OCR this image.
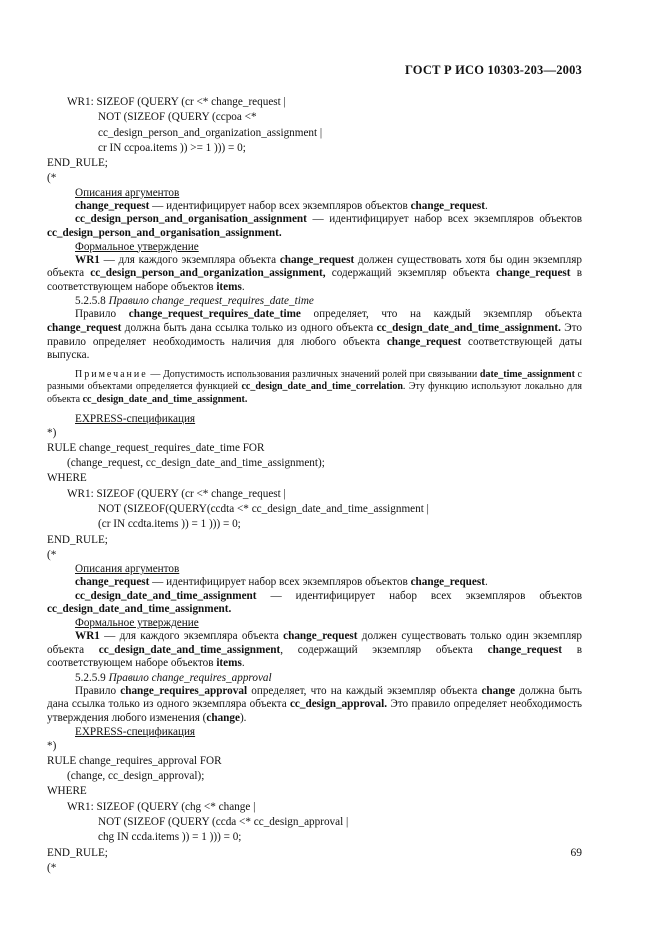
ГОСТ Р ИСО 10303-203—2003
WR1: SIZEOF (QUERY (cr <* change_request |
NOT (SIZEOF (QUERY (ccpoa <*
cc_design_person_and_organization_assignment |
cr IN ccpoa.items )) >= 1 ))) = 0;
END_RULE;
(*
Описания аргументов
change_request — идентифицирует набор всех экземпляров объектов change_request.
cc_design_person_and_organisation_assignment — идентифицирует набор всех экземпляров объектов cc_design_person_and_organisation_assignment.
Формальное утверждение
WR1 — для каждого экземпляра объекта change_request должен существовать хотя бы один экземпляр объекта cc_design_person_and_organization_assignment, содержащий экземпляр объекта change_request в соответствующем наборе объектов items.
5.2.5.8 Правило change_request_requires_date_time
Правило change_request_requires_date_time определяет, что на каждый экземпляр объекта change_request должна быть дана ссылка только из одного объекта cc_design_date_and_time_assignment. Это правило определяет необходимость наличия для любого объекта change_request соответствующей даты выпуска.
Примечание — Допустимость использования различных значений ролей при связывании date_time_assignment с разными объектами определяется функцией cc_design_date_and_time_correlation. Эту функцию используют локально для объекта cc_design_date_and_time_assignment.
EXPRESS-спецификация
*)
RULE change_request_requires_date_time FOR
(change_request, cc_design_date_and_time_assignment);
WHERE
WR1: SIZEOF (QUERY (cr <* change_request |
NOT (SIZEOF(QUERY(ccdta <* cc_design_date_and_time_assignment |
(cr IN ccdta.items )) = 1 ))) = 0;
END_RULE;
(*
Описания аргументов
change_request — идентифицирует набор всех экземпляров объектов change_request.
cc_design_date_and_time_assignment — идентифицирует набор всех экземпляров объектов cc_design_date_and_time_assignment.
Формальное утверждение
WR1 — для каждого экземпляра объекта change_request должен существовать только один экземпляр объекта cc_design_date_and_time_assignment, содержащий экземпляр объекта change_request в соответствующем наборе объектов items.
5.2.5.9 Правило change_requires_approval
Правило change_requires_approval определяет, что на каждый экземпляр объекта change должна быть дана ссылка только из одного экземпляра объекта cc_design_approval. Это правило определяет необходимость утверждения любого изменения (change).
EXPRESS-спецификация
*)
RULE change_requires_approval FOR
(change, cc_design_approval);
WHERE
WR1: SIZEOF (QUERY (chg <* change |
NOT (SIZEOF (QUERY (ccda <* cc_design_approval |
chg IN ccda.items )) = 1 ))) = 0;
END_RULE;
(*
69
